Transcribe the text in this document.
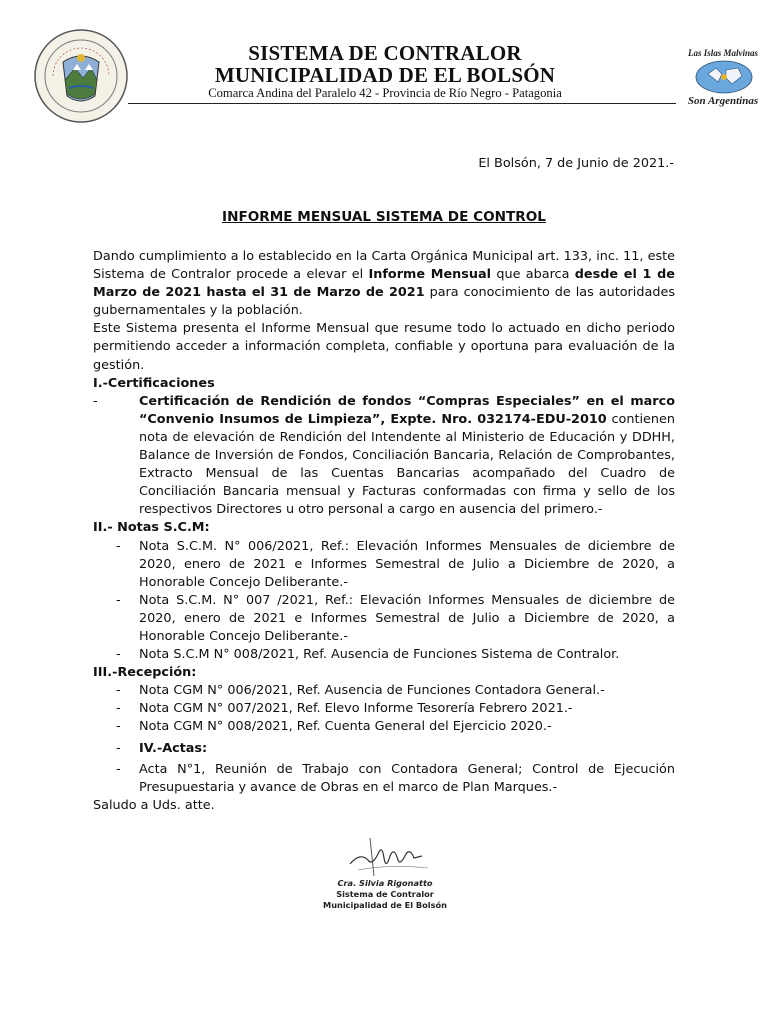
SISTEMA DE CONTRALOR
MUNICIPALIDAD DE EL BOLSÓN
Comarca Andina del Paralelo 42 - Provincia de Río Negro - Patagonia
Las Islas Malvinas
Son Argentinas
El Bolsón, 7 de Junio de 2021.-
INFORME MENSUAL SISTEMA DE CONTROL

Dando cumplimiento a lo establecido en la Carta Orgánica Municipal art. 133, inc. 11, este Sistema de Contralor procede a elevar el Informe Mensual que abarca desde el 1 de Marzo de 2021 hasta el 31 de Marzo de 2021 para conocimiento de las autoridades gubernamentales y la población.

Este Sistema presenta el Informe Mensual que resume todo lo actuado en dicho periodo permitiendo acceder a información completa, confiable y oportuna para evaluación de la gestión.

I.-Certificaciones

-	Certificación de Rendición de fondos “Compras Especiales” en el marco “Convenio Insumos de Limpieza”, Expte. Nro. 032174-EDU-2010 contienen nota de elevación de Rendición del Intendente al Ministerio de Educación y DDHH, Balance de Inversión de Fondos, Conciliación Bancaria, Relación de Comprobantes, Extracto Mensual de las Cuentas Bancarias acompañado del Cuadro de Conciliación Bancaria mensual y Facturas conformadas con firma y sello de los respectivos Directores u otro personal a cargo en ausencia del primero.-

II.- Notas S.C.M:

- Nota S.C.M. N° 006/2021, Ref.: Elevación Informes Mensuales de diciembre de 2020, enero de 2021 e Informes Semestral de Julio a Diciembre de 2020, a Honorable Concejo Deliberante.-
- Nota S.C.M. N° 007 /2021, Ref.: Elevación Informes Mensuales de diciembre de 2020, enero de 2021 e Informes Semestral de Julio a Diciembre de 2020, a Honorable Concejo Deliberante.-
- Nota S.C.M N° 008/2021, Ref. Ausencia de Funciones Sistema de Contralor.

III.-Recepción:

- Nota CGM N° 006/2021, Ref. Ausencia de Funciones Contadora General.-
- Nota CGM N° 007/2021, Ref. Elevo Informe Tesorería Febrero 2021.-
- Nota CGM N° 008/2021, Ref. Cuenta General del Ejercicio 2020.-
- IV.-Actas:
- Acta N°1, Reunión de Trabajo con Contadora General; Control de Ejecución Presupuestaria y avance de Obras en el marco de Plan Marques.-

Saludo a Uds. atte.

Cra. Silvia Rigonatto
Sistema de Contralor
Municipalidad de El Bolsón
